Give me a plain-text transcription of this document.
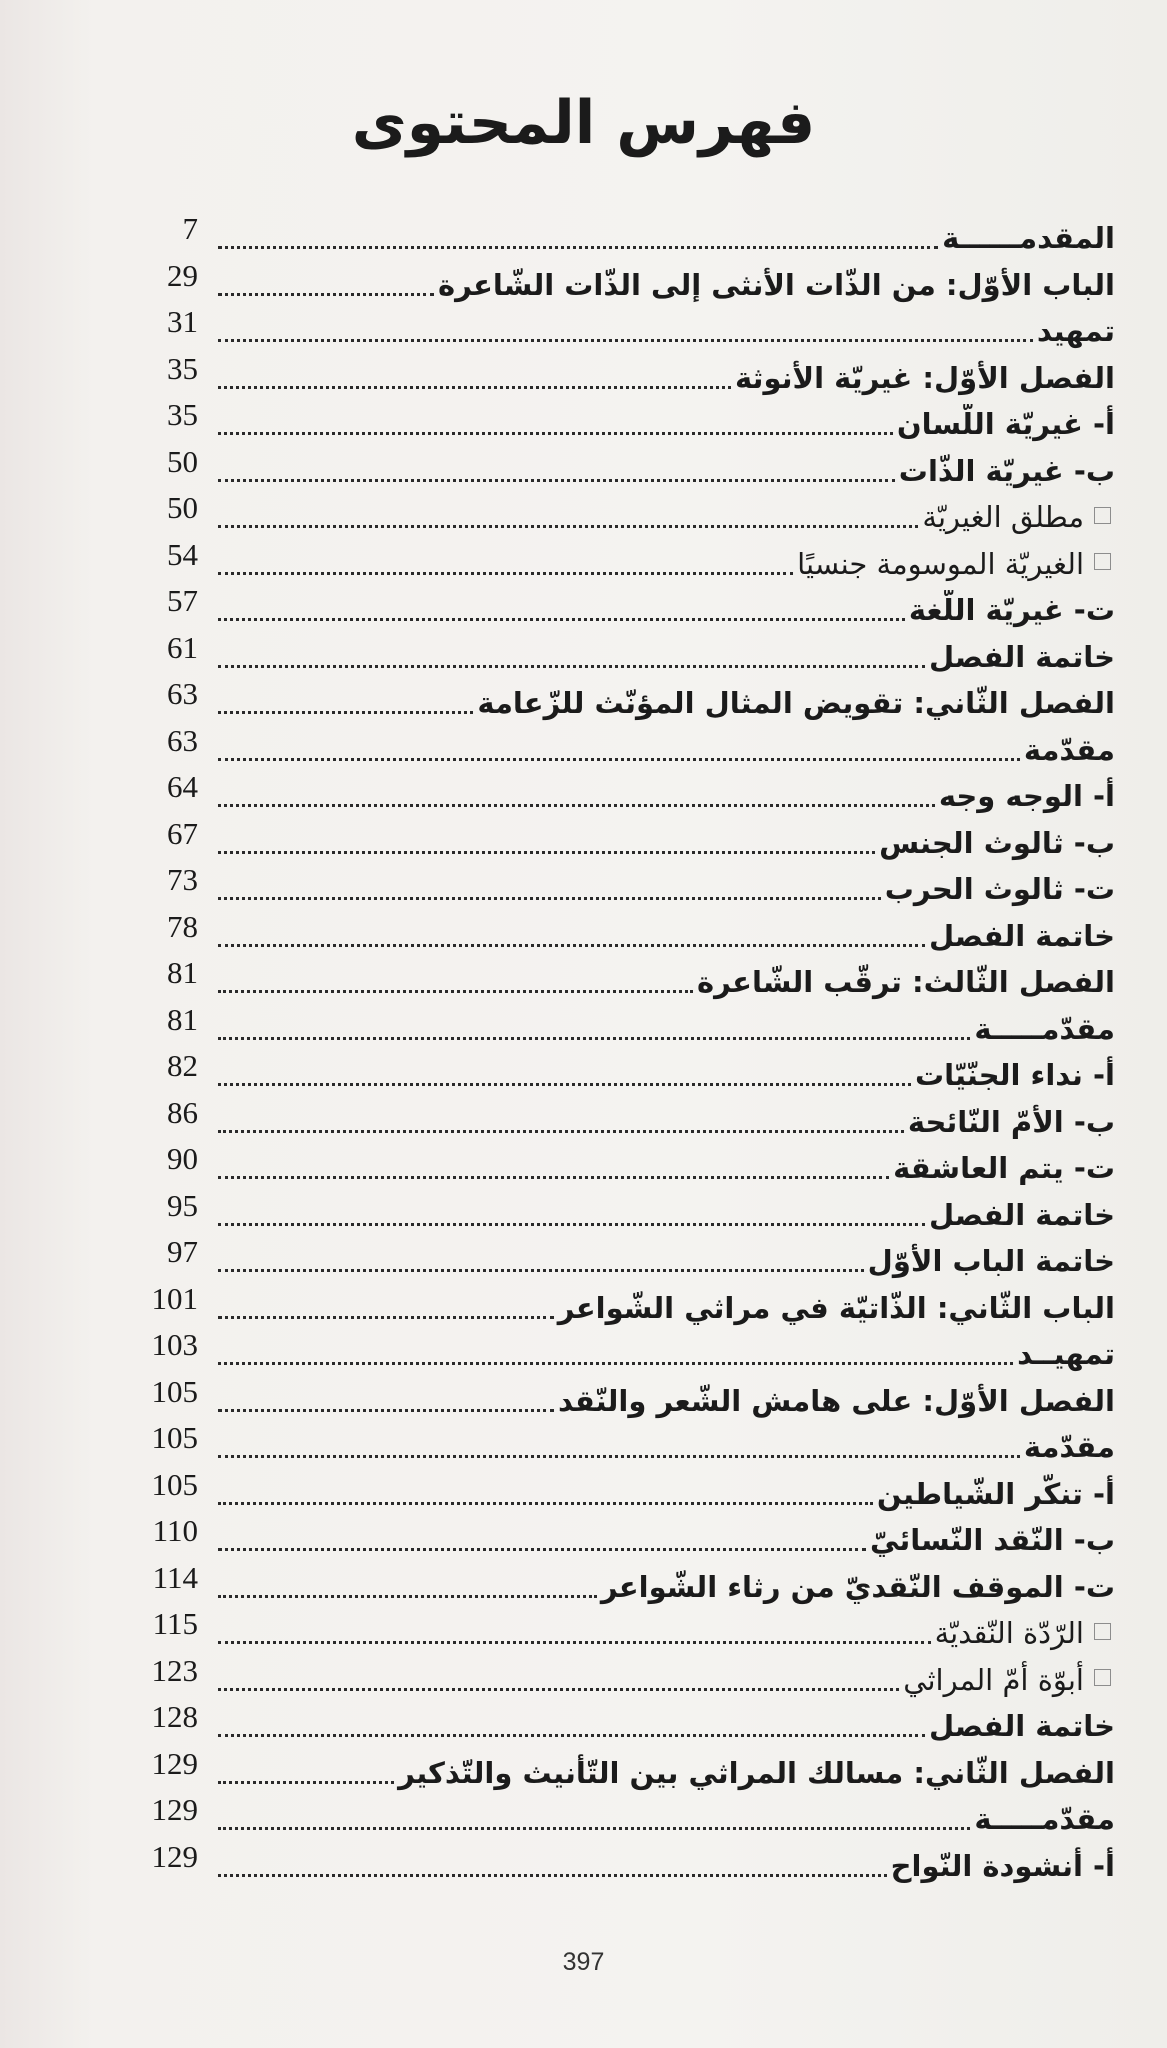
فهرس المحتوى
المقدمــــــة
7
الباب الأوّل: من الذّات الأنثى إلى الذّات الشّاعرة
29
تمهيد
31
الفصل الأوّل: غيريّة الأنوثة
35
أ- غيريّة اللّسان
35
ب- غيريّة الذّات
50
مطلق الغيريّة
50
الغيريّة الموسومة جنسيًا
54
ت- غيريّة اللّغة
57
خاتمة الفصل
61
الفصل الثّاني: تقويض المثال المؤنّث للزّعامة
63
مقدّمة
63
أ- الوجه وجه
64
ب- ثالوث الجنس
67
ت- ثالوث الحرب
73
خاتمة الفصل
78
الفصل الثّالث: ترقّب الشّاعرة
81
مقدّمـــــة
81
أ- نداء الجنّيّات
82
ب- الأمّ النّائحة
86
ت- يتم العاشقة
90
خاتمة الفصل
95
خاتمة الباب الأوّل
97
الباب الثّاني: الذّاتيّة في مراثي الشّواعر
101
تمهيــد
103
الفصل الأوّل: على هامش الشّعر والنّقد
105
مقدّمة
105
أ- تنكّر الشّياطين
105
ب- النّقد النّسائيّ
110
ت- الموقف النّقديّ من رثاء الشّواعر
114
الرّدّة النّقديّة
115
أبوّة أمّ المراثي
123
خاتمة الفصل
128
الفصل الثّاني: مسالك المراثي بين التّأنيث والتّذكير
129
مقدّمـــــة
129
أ- أنشودة النّواح
129
397
